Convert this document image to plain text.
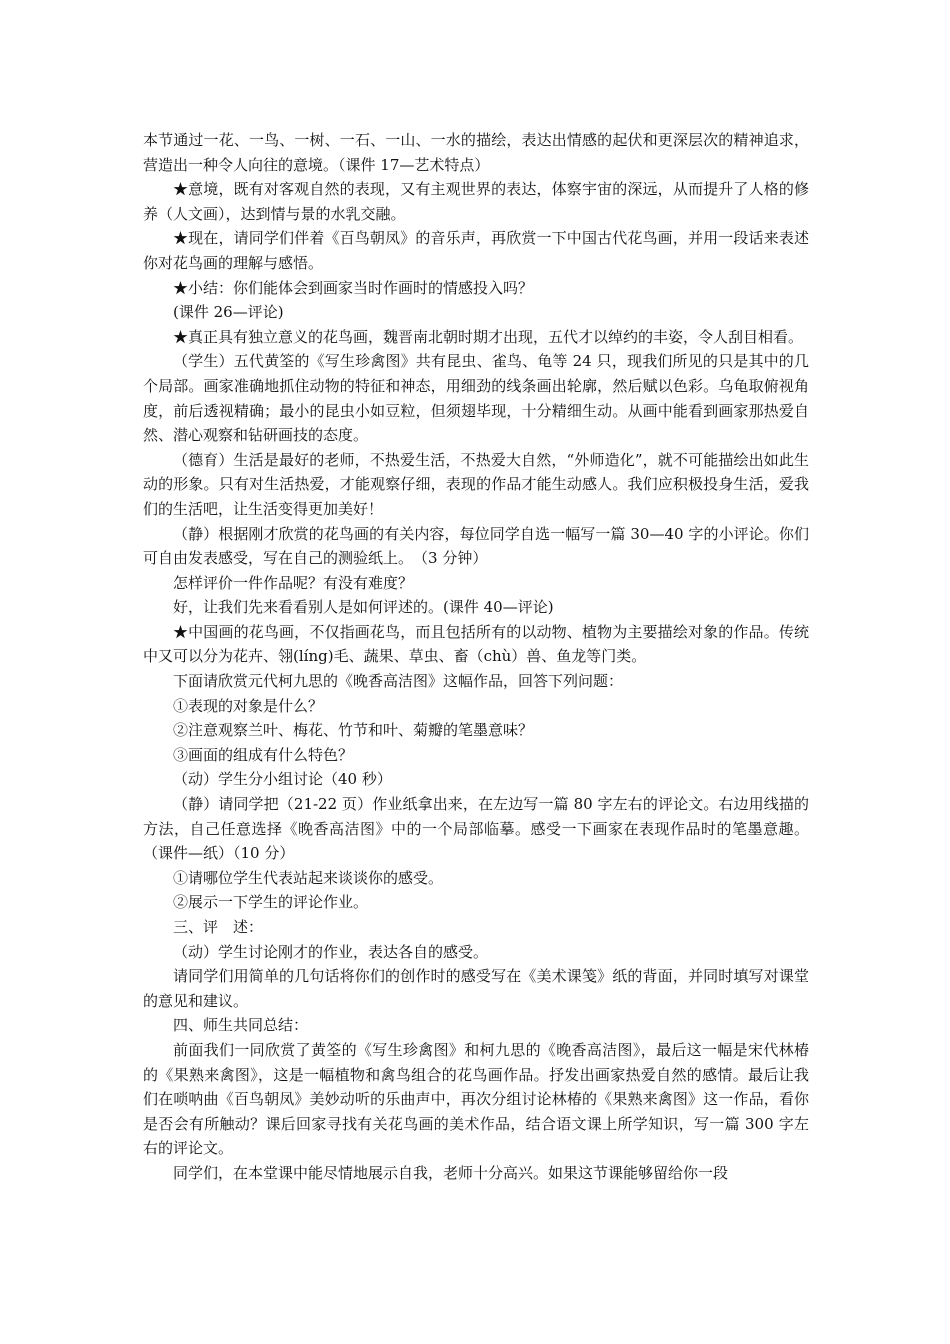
本节通过一花、一鸟、一树、一石、一山、一水的描绘，表达出情感的起伏和更深层次的精神追求，营造出一种令人向往的意境。（课件 17—艺术特点）

★意境，既有对客观自然的表现，又有主观世界的表达，体察宇宙的深远，从而提升了人格的修养（人文画），达到情与景的水乳交融。

★现在，请同学们伴着《百鸟朝凤》的音乐声，再欣赏一下中国古代花鸟画，并用一段话来表述你对花鸟画的理解与感悟。

★小结：你们能体会到画家当时作画时的情感投入吗？

(课件 26—评论)

★真正具有独立意义的花鸟画，魏晋南北朝时期才出现，五代才以绰约的丰姿，令人刮目相看。

（学生）五代黄筌的《写生珍禽图》共有昆虫、雀鸟、龟等 24 只，现我们所见的只是其中的几个局部。画家准确地抓住动物的特征和神态，用细劲的线条画出轮廓，然后赋以色彩。乌龟取俯视角度，前后透视精确；最小的昆虫小如豆粒，但须翅毕现，十分精细生动。从画中能看到画家那热爱自然、潜心观察和钻研画技的态度。

（德育）生活是最好的老师，不热爱生活，不热爱大自然，“外师造化”，就不可能描绘出如此生动的形象。只有对生活热爱，才能观察仔细，表现的作品才能生动感人。我们应积极投身生活，爱我们的生活吧，让生活变得更加美好！

（静）根据刚才欣赏的花鸟画的有关内容，每位同学自选一幅写一篇 30—40 字的小评论。你们可自由发表感受，写在自己的测验纸上。　（3 分钟）

怎样评价一件作品呢？有没有难度？

好，让我们先来看看别人是如何评述的。(课件 40—评论)

★中国画的花鸟画，不仅指画花鸟，而且包括所有的以动物、植物为主要描绘对象的作品。传统中又可以分为花卉、翎(líng)毛、蔬果、草虫、畜（chù）兽、鱼龙等门类。

下面请欣赏元代柯九思的《晚香高洁图》这幅作品，回答下列问题：

①表现的对象是什么？

②注意观察兰叶、梅花、竹节和叶、菊瓣的笔墨意味？

③画面的组成有什么特色？

（动）学生分小组讨论（40 秒）

（静）请同学把（21-22 页）作业纸拿出来，在左边写一篇 80 字左右的评论文。右边用线描的方法，自己任意选择《晚香高洁图》中的一个局部临摹。感受一下画家在表现作品时的笔墨意趣。（课件—纸）（10 分）

①请哪位学生代表站起来谈谈你的感受。

②展示一下学生的评论作业。

三、评　述：

（动）学生讨论刚才的作业，表达各自的感受。

请同学们用简单的几句话将你们的创作时的感受写在《美术课笺》纸的背面，并同时填写对课堂的意见和建议。

四、师生共同总结：

前面我们一同欣赏了黄筌的《写生珍禽图》和柯九思的《晚香高洁图》，最后这一幅是宋代林椿的《果熟来禽图》，这是一幅植物和禽鸟组合的花鸟画作品。抒发出画家热爱自然的感情。最后让我们在唢呐曲《百鸟朝凤》美妙动听的乐曲声中，再次分组讨论林椿的《果熟来禽图》这一作品，看你是否会有所触动？课后回家寻找有关花鸟画的美术作品，结合语文课上所学知识，写一篇 300 字左右的评论文。

同学们，在本堂课中能尽情地展示自我，老师十分高兴。如果这节课能够留给你一段
